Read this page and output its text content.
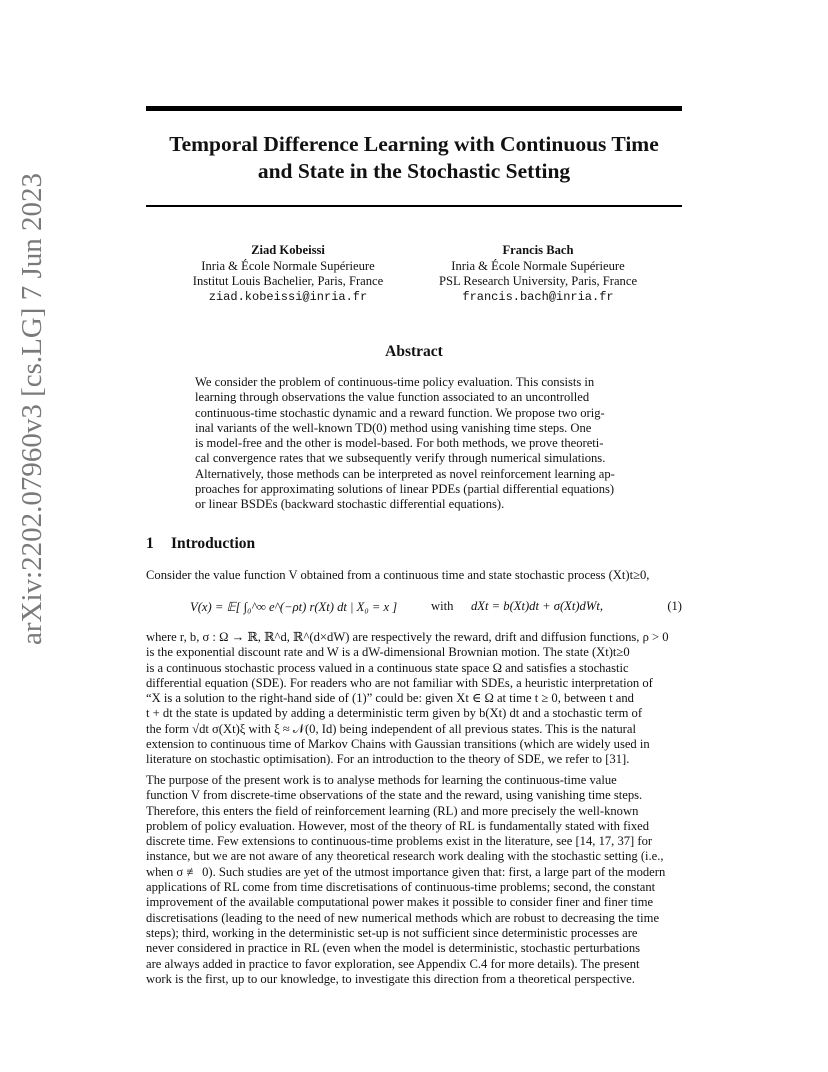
arXiv:2202.07960v3 [cs.LG] 7 Jun 2023
Temporal Difference Learning with Continuous Time
and State in the Stochastic Setting
Ziad Kobeissi
Inria & École Normale Supérieure
Institut Louis Bachelier, Paris, France
ziad.kobeissi@inria.fr
Francis Bach
Inria & École Normale Supérieure
PSL Research University, Paris, France
francis.bach@inria.fr
Abstract
We consider the problem of continuous-time policy evaluation. This consists in
learning through observations the value function associated to an uncontrolled
continuous-time stochastic dynamic and a reward function. We propose two orig-
inal variants of the well-known TD(0) method using vanishing time steps. One
is model-free and the other is model-based. For both methods, we prove theoreti-
cal convergence rates that we subsequently verify through numerical simulations.
Alternatively, those methods can be interpreted as novel reinforcement learning ap-
proaches for approximating solutions of linear PDEs (partial differential equations)
or linear BSDEs (backward stochastic differential equations).
1 Introduction
Consider the value function V obtained from a continuous time and state stochastic process (Xt)t≥0,
V(x) = 𝔼[ ∫₀^∞ e^(−ρt) r(Xt) dt | X₀ = x ]	with dXt = b(Xt)dt + σ(Xt)dWt,	(1)
where r, b, σ : Ω → ℝ, ℝ^d, ℝ^(d×dW) are respectively the reward, drift and diffusion functions, ρ > 0
is the exponential discount rate and W is a dW-dimensional Brownian motion. The state (Xt)t≥0
is a continuous stochastic process valued in a continuous state space Ω and satisfies a stochastic
differential equation (SDE). For readers who are not familiar with SDEs, a heuristic interpretation of
“X is a solution to the right-hand side of (1)” could be: given Xt ∈ Ω at time t ≥ 0, between t and
t + dt the state is updated by adding a deterministic term given by b(Xt) dt and a stochastic term of
the form √dt σ(Xt)ξ with ξ ≈ 𝒩(0, Id) being independent of all previous states. This is the natural
extension to continuous time of Markov Chains with Gaussian transitions (which are widely used in
literature on stochastic optimisation). For an introduction to the theory of SDE, we refer to [31].
The purpose of the present work is to analyse methods for learning the continuous-time value
function V from discrete-time observations of the state and the reward, using vanishing time steps.
Therefore, this enters the field of reinforcement learning (RL) and more precisely the well-known
problem of policy evaluation. However, most of the theory of RL is fundamentally stated with fixed
discrete time. Few extensions to continuous-time problems exist in the literature, see [14, 17, 37] for
instance, but we are not aware of any theoretical research work dealing with the stochastic setting (i.e.,
when σ ≢ 0). Such studies are yet of the utmost importance given that: first, a large part of the modern
applications of RL come from time discretisations of continuous-time problems; second, the constant
improvement of the available computational power makes it possible to consider finer and finer time
discretisations (leading to the need of new numerical methods which are robust to decreasing the time
steps); third, working in the deterministic set-up is not sufficient since deterministic processes are
never considered in practice in RL (even when the model is deterministic, stochastic perturbations
are always added in practice to favor exploration, see Appendix C.4 for more details). The present
work is the first, up to our knowledge, to investigate this direction from a theoretical perspective.
